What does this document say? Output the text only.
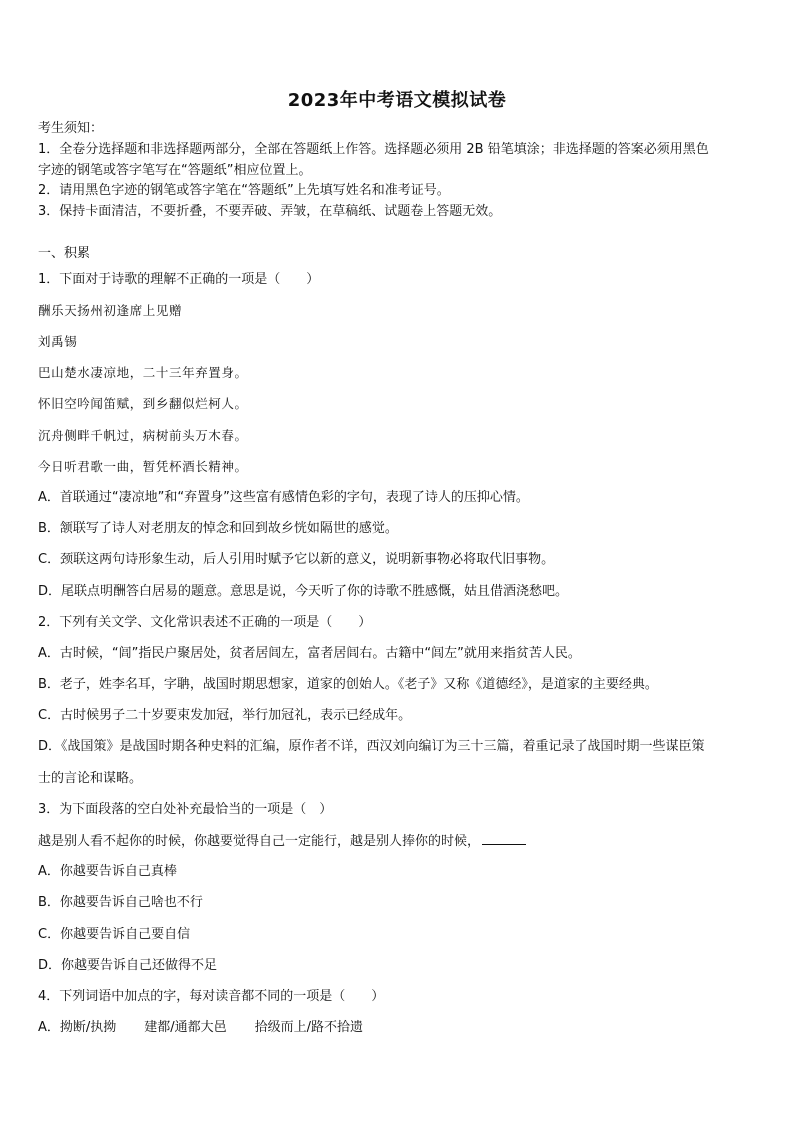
2023年中考语文模拟试卷
考生须知：
1．全卷分选择题和非选择题两部分，全部在答题纸上作答。选择题必须用 2B 铅笔填涂；非选择题的答案必须用黑色
字迹的钢笔或答字笔写在“答题纸”相应位置上。
2．请用黑色字迹的钢笔或答字笔在“答题纸”上先填写姓名和准考证号。
3．保持卡面清洁，不要折叠，不要弄破、弄皱，在草稿纸、试题卷上答题无效。
一、积累
1．下面对于诗歌的理解不正确的一项是（　　）
酬乐天扬州初逢席上见赠
刘禹锡
巴山楚水凄凉地，二十三年弃置身。
怀旧空吟闻笛赋，到乡翻似烂柯人。
沉舟侧畔千帆过，病树前头万木春。
今日听君歌一曲，暂凭杯酒长精神。
A．首联通过“凄凉地”和“弃置身”这些富有感情色彩的字句，表现了诗人的压抑心情。
B．颔联写了诗人对老朋友的悼念和回到故乡恍如隔世的感觉。
C．颈联这两句诗形象生动，后人引用时赋予它以新的意义，说明新事物必将取代旧事物。
D．尾联点明酬答白居易的题意。意思是说，今天听了你的诗歌不胜感慨，姑且借酒浇愁吧。
2．下列有关文学、文化常识表述不正确的一项是（　　）
A．古时候，“闾”指民户聚居处，贫者居闾左，富者居闾右。古籍中“闾左”就用来指贫苦人民。
B．老子，姓李名耳，字聃，战国时期思想家，道家的创始人。《老子》又称《道德经》，是道家的主要经典。
C．古时候男子二十岁要束发加冠，举行加冠礼，表示已经成年。
D．《战国策》是战国时期各种史料的汇编，原作者不详，西汉刘向编订为三十三篇，着重记录了战国时期一些谋臣策
士的言论和谋略。
3．为下面段落的空白处补充最恰当的一项是（　）
越是别人看不起你的时候，你越要觉得自己一定能行，越是别人捧你的时候，
A．你越要告诉自己真棒
B．你越要告诉自己啥也不行
C．你越要告诉自己要自信
D．你越要告诉自己还做得不足
4．下列词语中加点的字，每对读音都不同的一项是（　　）
A．拗断/执拗 建都/通都大邑 拾级而上/路不拾遗
